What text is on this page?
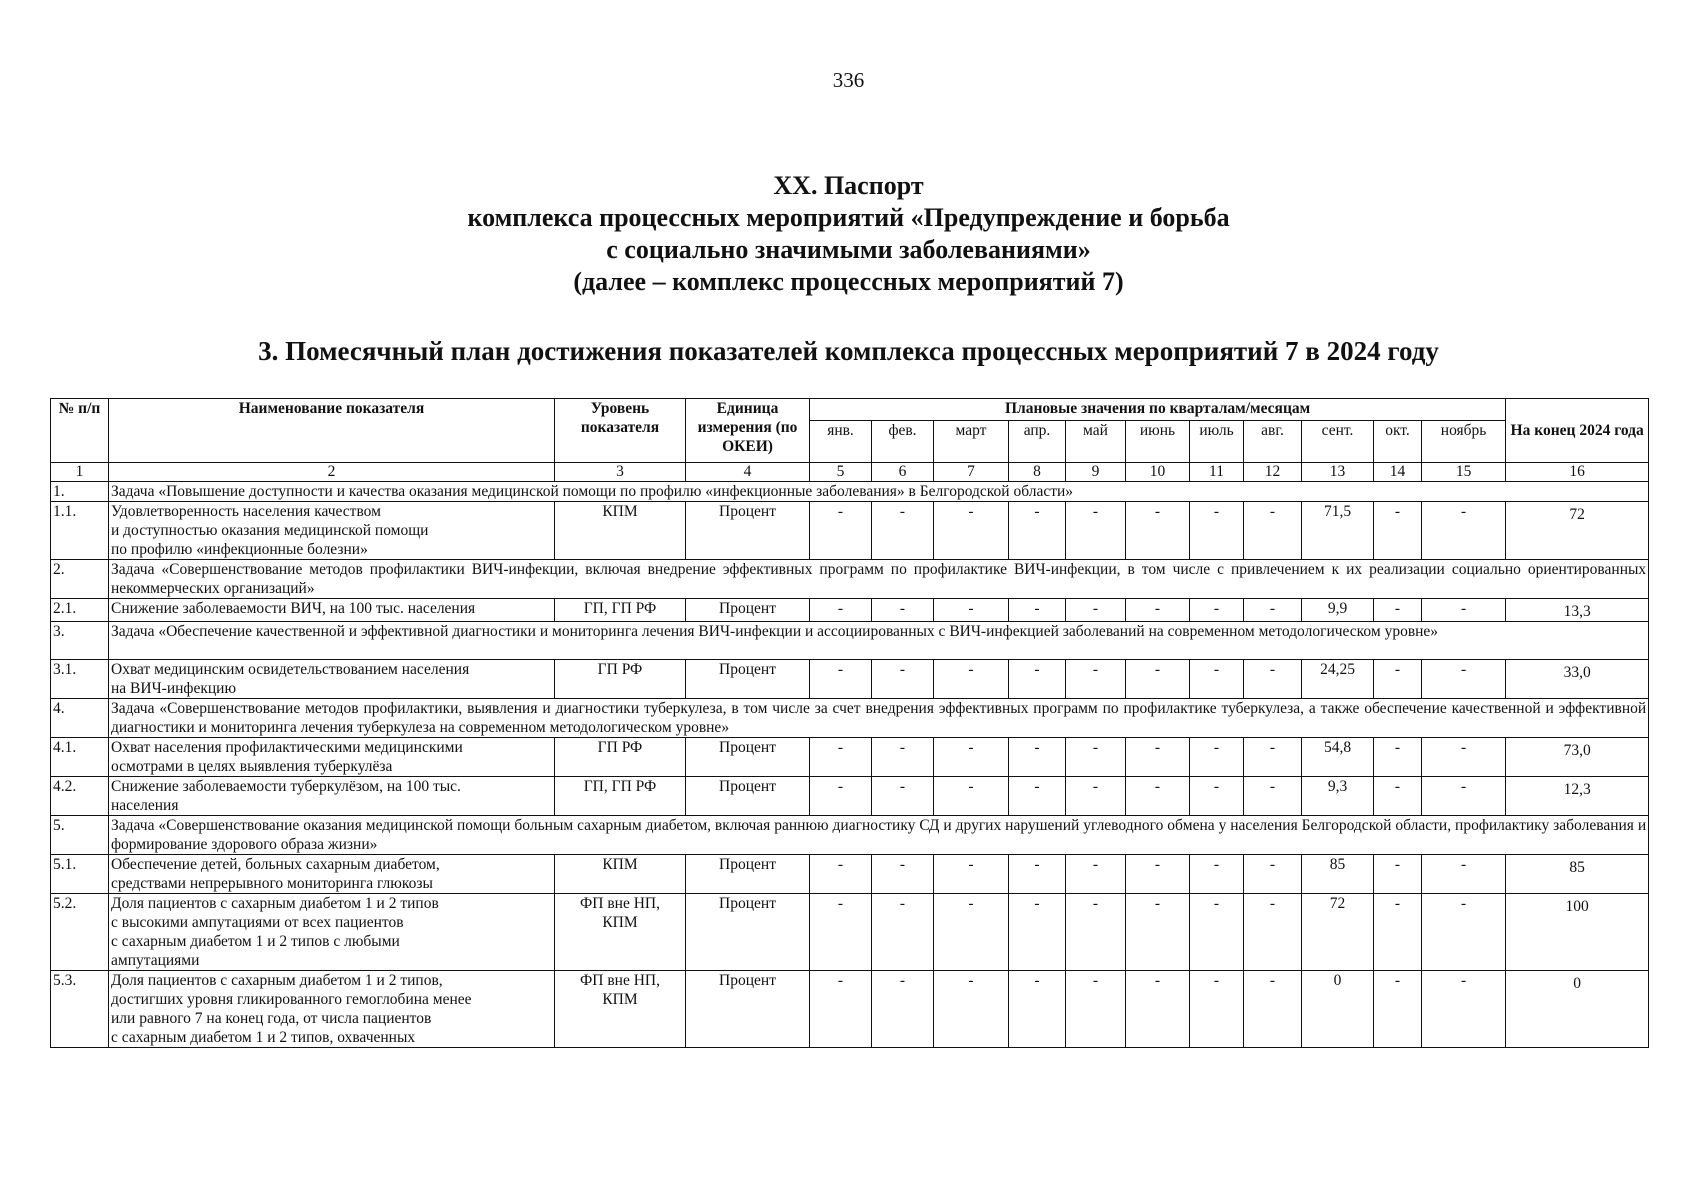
336
XX. Паспорт
комплекса процессных мероприятий «Предупреждение и борьба
с социально значимыми заболеваниями»
(далее – комплекс процессных мероприятий 7)
3. Помесячный план достижения показателей комплекса процессных мероприятий 7 в 2024 году
№ п/п	Наименование показателя	Уровень показателя	Единица измерения (по ОКЕИ)	Плановые значения по кварталам/месяцам											На конец 2024 года
				янв.	фев.	март	апр.	май	июнь	июль	авг.	сент.	окт.	ноябрь	
1	2	3	4	5	6	7	8	9	10	11	12	13	14	15	16
1.	Задача «Повышение доступности и качества оказания медицинской помощи по профилю «инфекционные заболевания» в Белгородской области»														
1.1.	Удовлетворенность населения качеством
и доступностью оказания медицинской помощи
по профилю «инфекционные болезни»	КПМ	Процент	-	-	-	-	-	-	-	-	71,5	-	-	72
2.	Задача «Совершенствование методов профилактики ВИЧ-инфекции, включая внедрение эффективных программ по профилактике ВИЧ-инфекции, в том числе с привлечением к их реализации социально ориентированных некоммерческих организаций»														
2.1.	Снижение заболеваемости ВИЧ, на 100 тыс. населения	ГП, ГП РФ	Процент	-	-	-	-	-	-	-	-	9,9	-	-	13,3
3.	Задача «Обеспечение качественной и эффективной диагностики и мониторинга лечения ВИЧ-инфекции и ассоциированных с ВИЧ-инфекцией заболеваний на современном методологическом уровне»														
3.1.	Охват медицинским освидетельствованием населения
на ВИЧ-инфекцию	ГП РФ	Процент	-	-	-	-	-	-	-	-	24,25	-	-	33,0
4.	Задача «Совершенствование методов профилактики, выявления и диагностики туберкулеза, в том числе за счет внедрения эффективных программ по профилактике туберкулеза, а также обеспечение качественной и эффективной диагностики и мониторинга лечения туберкулеза на современном методологическом уровне»														
4.1.	Охват населения профилактическими медицинскими
осмотрами в целях выявления туберкулёза	ГП РФ	Процент	-	-	-	-	-	-	-	-	54,8	-	-	73,0
4.2.	Снижение заболеваемости туберкулёзом, на 100 тыс.
населения	ГП, ГП РФ	Процент	-	-	-	-	-	-	-	-	9,3	-	-	12,3
5.	Задача «Совершенствование оказания медицинской помощи больным сахарным диабетом, включая раннюю диагностику СД и других нарушений углеводного обмена у населения Белгородской области, профилактику заболевания и формирование здорового образа жизни»														
5.1.	Обеспечение детей, больных сахарным диабетом,
средствами непрерывного мониторинга глюкозы	КПМ	Процент	-	-	-	-	-	-	-	-	85	-	-	85
5.2.	Доля пациентов с сахарным диабетом 1 и 2 типов
с высокими ампутациями от всех пациентов
с сахарным диабетом 1 и 2 типов с любыми
ампутациями	ФП вне НП,
КПМ	Процент	-	-	-	-	-	-	-	-	72	-	-	100
5.3.	Доля пациентов с сахарным диабетом 1 и 2 типов,
достигших уровня гликированного гемоглобина менее
или равного 7 на конец года, от числа пациентов
с сахарным диабетом 1 и 2 типов, охваченных	ФП вне НП,
КПМ	Процент	-	-	-	-	-	-	-	-	0	-	-	0
